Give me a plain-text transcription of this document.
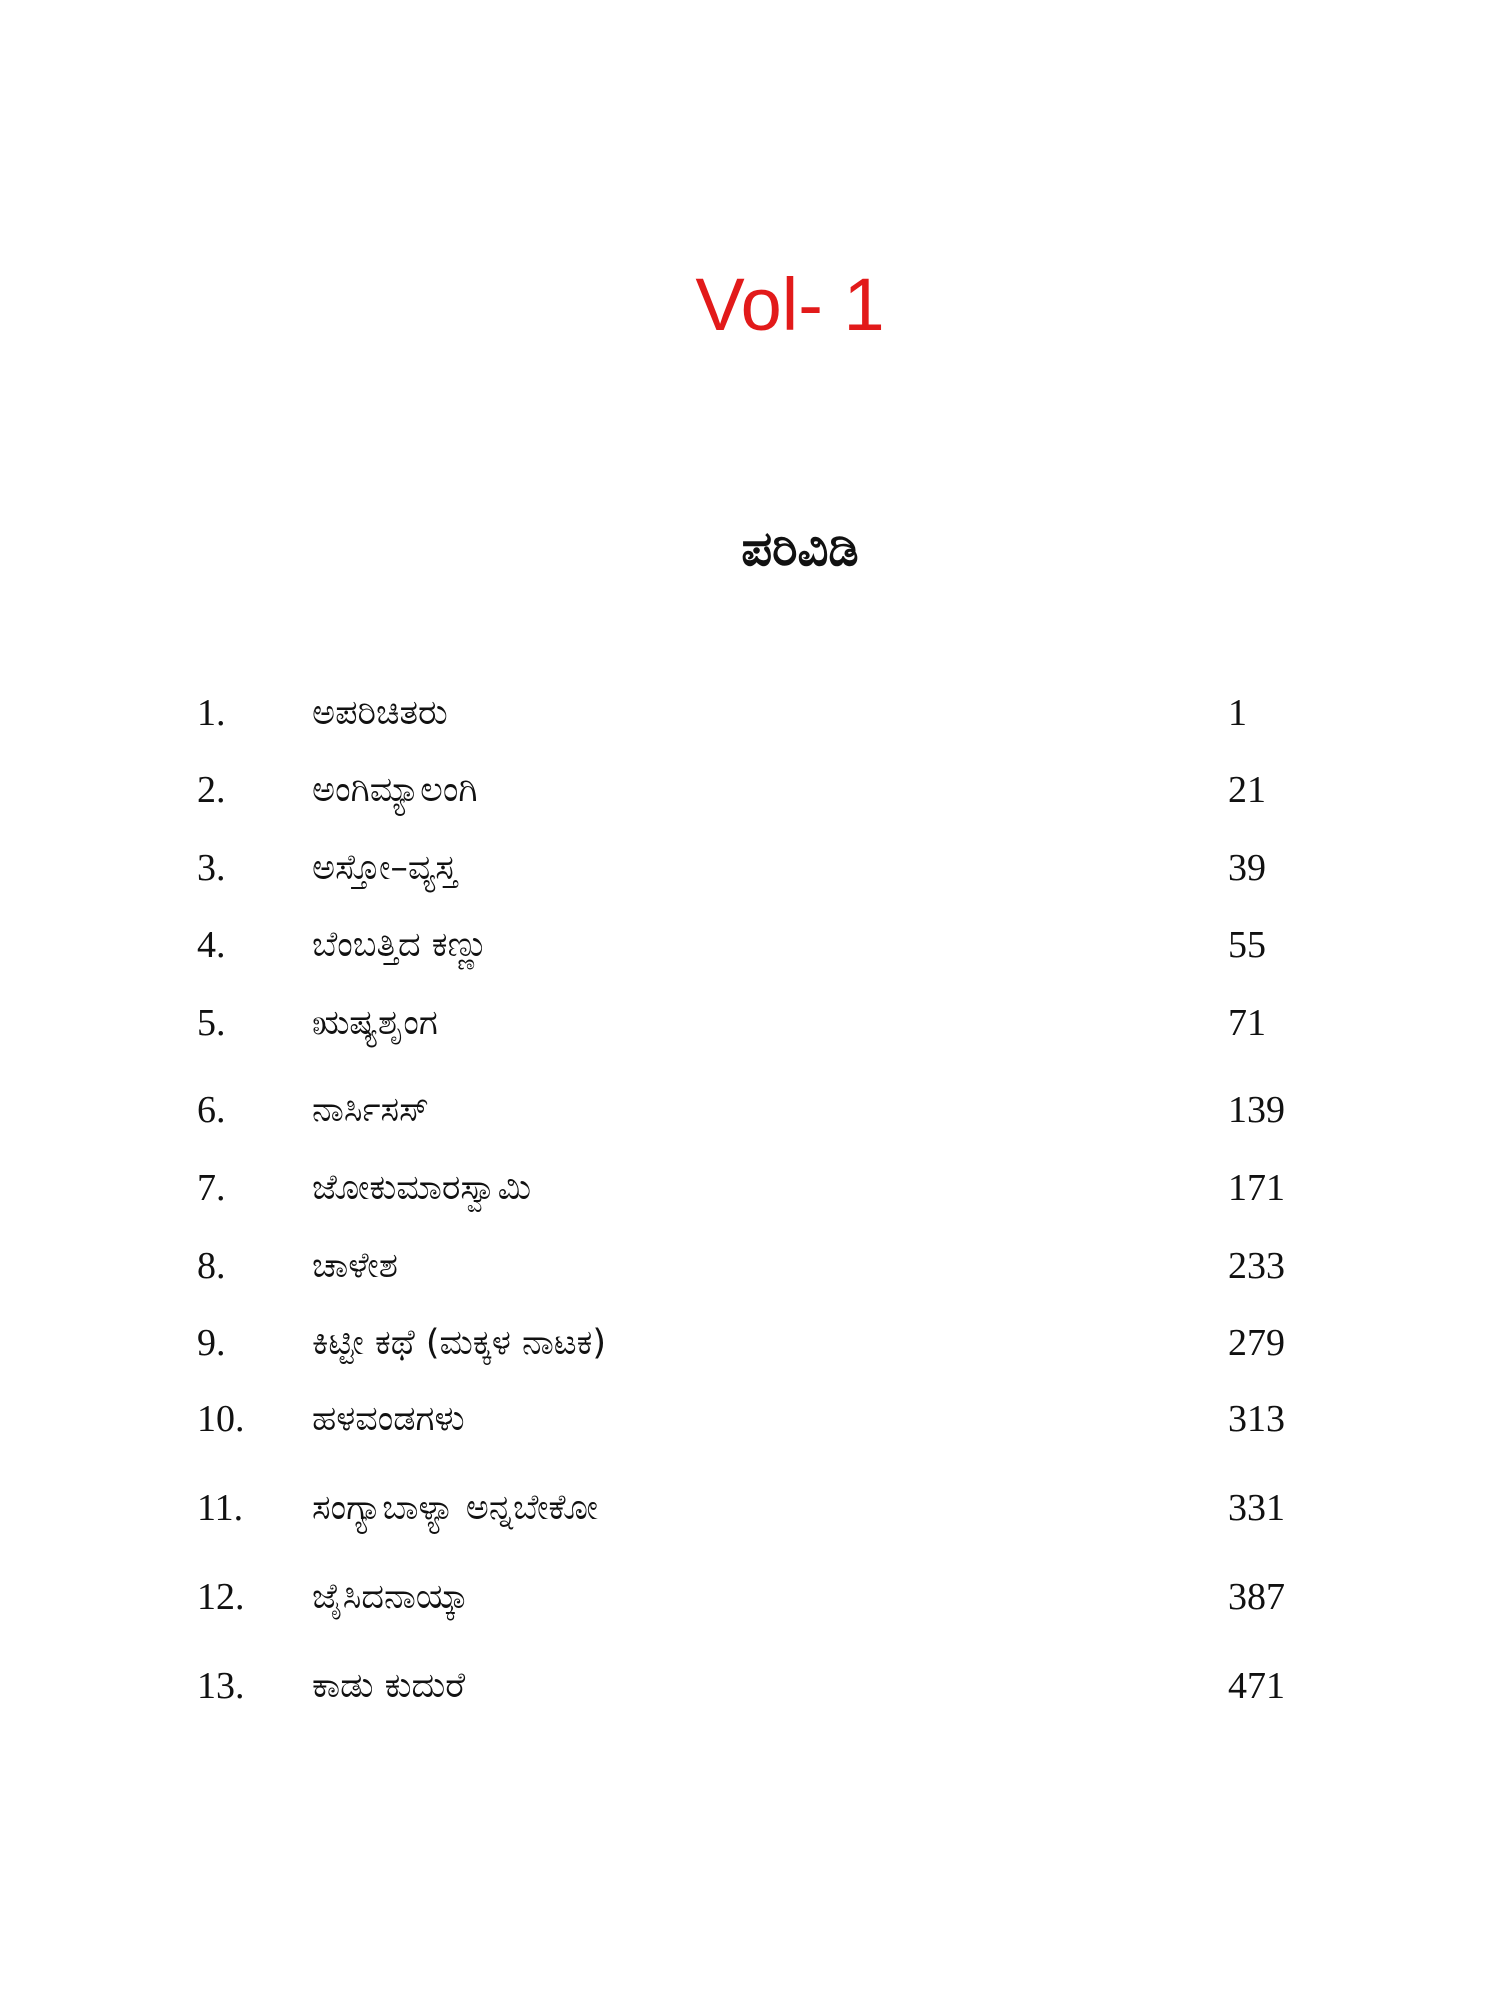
Vol- 1
ಪರಿವಿಡಿ
1. ಅಪರಿಚಿತರು	1
2. ಅಂಗಿಮ್ಯಾಲಂಗಿ	21
3. ಅಸ್ತೋ–ವ್ಯಸ್ತ	39
4. ಬೆಂಬತ್ತಿದ ಕಣ್ಣು	55
5. ಋಷ್ಯಶೃಂಗ	71
6. ನಾರ್ಸಿಸಸ್	139
7. ಜೋಕುಮಾರಸ್ವಾಮಿ	171
8. ಚಾಳೇಶ	233
9. ಕಿಟ್ಟೀ ಕಥೆ (ಮಕ್ಕಳ ನಾಟಕ)	279
10. ಹಳವಂಡಗಳು	313
11. ಸಂಗ್ಯಾಬಾಳ್ಯಾ ಅನ್ನಬೇಕೋ	331
12. ಜೈಸಿದನಾಯ್ಕಾ	387
13. ಕಾಡು ಕುದುರೆ	471
